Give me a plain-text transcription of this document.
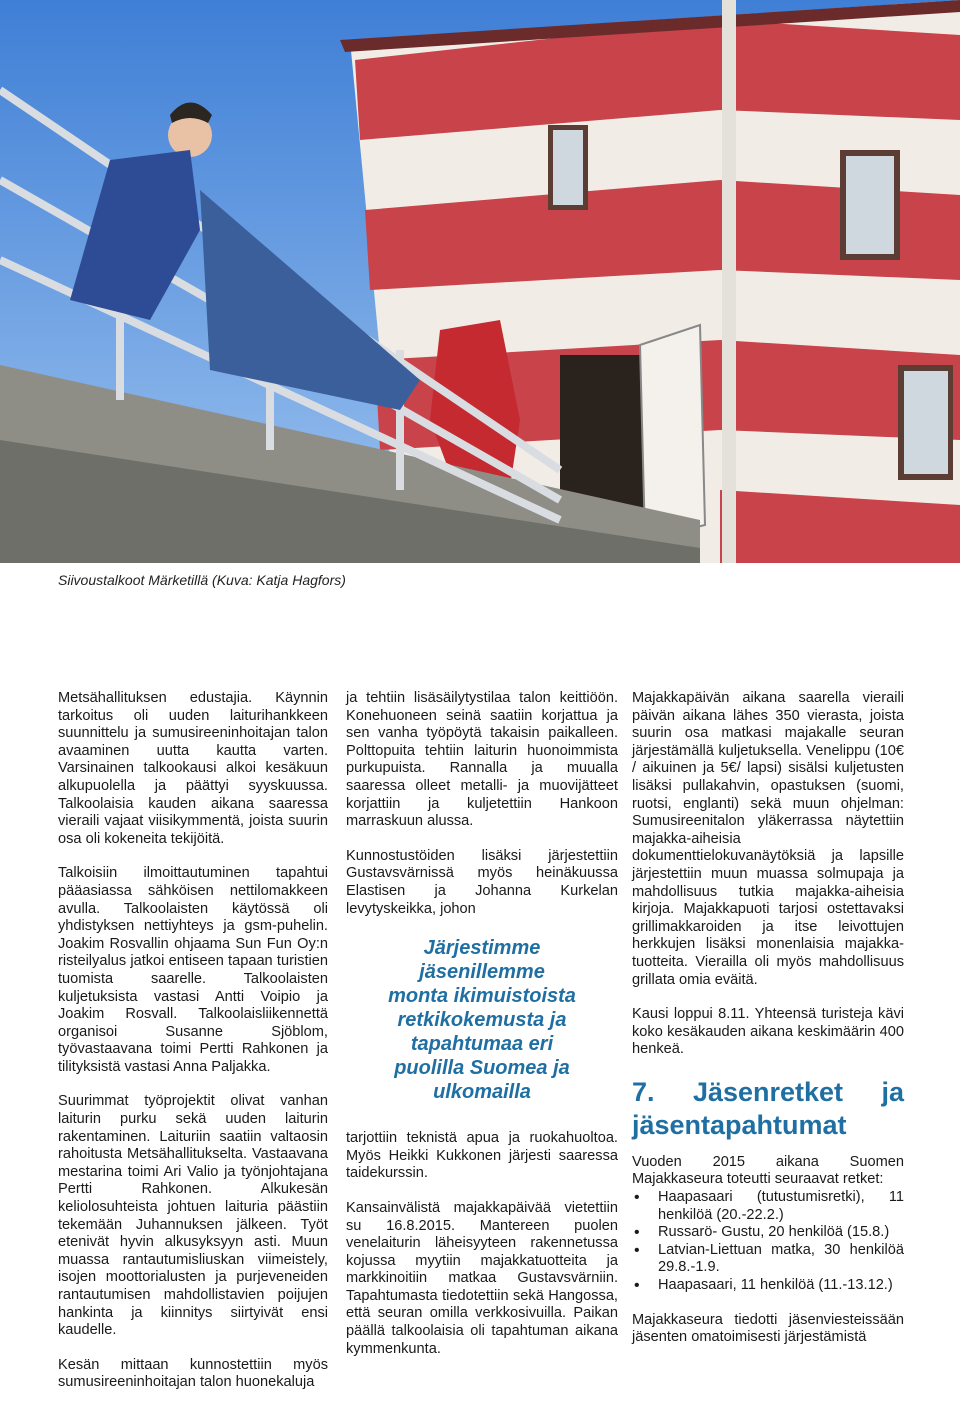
Siivoustalkoot Märketillä (Kuva: Katja Hagfors)

Metsähallituksen edustajia. Käynnin tarkoitus oli uuden laiturihankkeen suunnittelu ja sumusireeninhoitajan talon avaaminen uutta kautta varten. Varsinainen talkookausi alkoi kesäkuun alkupuolella ja päättyi syyskuussa. Talkoolaisia kauden aikana saaressa vieraili vajaat viisikymmentä, joista suurin osa oli kokeneita tekijöitä.

Talkoisiin ilmoittautuminen tapahtui pääasiassa sähköisen nettilomakkeen avulla. Talkoolaisten käytössä oli yhdistyksen nettiyhteys ja gsm-puhelin. Joakim Rosvallin ohjaama Sun Fun Oy:n risteilyalus jatkoi entiseen tapaan turistien tuomista saarelle. Talkoolaisten kuljetuksista vastasi Antti Voipio ja Joakim Rosvall. Talkoolaisliikennettä organisoi Susanne Sjöblom, työvastaavana toimi Pertti Rahkonen ja tilityksistä vastasi Anna Paljakka.

Suurimmat työprojektit olivat vanhan laiturin purku sekä uuden laiturin rakentaminen. Laituriin saatiin valtaosin rahoitusta Metsähallitukselta. Vastaavana mestarina toimi Ari Valio ja työnjohtajana Pertti Rahkonen. Alkukesän keliolosuhteista johtuen laituria päästiin tekemään Juhannuksen jälkeen. Työt etenivät hyvin alkusyksyyn asti. Muun muassa rantautumisliuskan viimeistely, isojen moottorialusten ja purjeveneiden rantautumisen mahdollistavien poijujen hankinta ja kiinnitys siirtyivät ensi kaudelle.

Kesän mittaan kunnostettiin myös sumusireeninhoitajan talon huonekaluja

ja tehtiin lisäsäilytystilaa talon keittiöön. Konehuoneen seinä saatiin korjattua ja sen vanha työpöytä takaisin paikalleen. Polttopuita tehtiin laiturin huonoimmista purkupuista. Rannalla ja muualla saaressa olleet metalli- ja muovijätteet korjattiin ja kuljetettiin Hankoon marraskuun alussa.

Kunnostustöiden lisäksi järjestettiin Gustavsvärnissä myös heinäkuussa Elastisen ja Johanna Kurkelan levytyskeikka, johon

Järjestimme
jäsenillemme
monta ikimuistoista
retkikokemusta ja
tapahtumaa eri
puolilla Suomea ja
ulkomailla

tarjottiin teknistä apua ja ruokahuoltoa. Myös Heikki Kukkonen järjesti saaressa taidekurssin.

Kansainvälistä majakkapäivää vietettiin su 16.8.2015. Mantereen puolen venelaiturin läheisyyteen rakennetussa kojussa myytiin majakkatuotteita ja markkinoitiin matkaa Gustavsvärniin. Tapahtumasta tiedotettiin sekä Hangossa, että seuran omilla verkkosivuilla. Paikan päällä talkoolaisia oli tapahtuman aikana kymmenkunta.

Majakkapäivän aikana saarella vieraili päivän aikana lähes 350 vierasta, joista suurin osa matkasi majakalle seuran järjestämällä kuljetuksella. Venelippu (10€ / aikuinen ja 5€/ lapsi) sisälsi kuljetusten lisäksi pullakahvin, opastuksen (suomi, ruotsi, englanti) sekä muun ohjelman: Sumusireenitalon yläkerrassa näytettiin majakka-aiheisia dokumenttielokuvanäytöksiä ja lapsille järjestettiin muun muassa solmupaja ja mahdollisuus tutkia majakka-aiheisia kirjoja. Majakkapuoti tarjosi ostettavaksi grillimakkaroiden ja itse leivottujen herkkujen lisäksi monenlaisia majakka-tuotteita. Vierailla oli myös mahdollisuus grillata omia eväitä.

Kausi loppui 8.11. Yhteensä turisteja kävi koko kesäkauden aikana keskimäärin 400 henkeä.

7. Jäsenretket ja jäsentapahtumat

Vuoden 2015 aikana Suomen Majakkaseura toteutti seuraavat retket:

• Haapasaari (tutustumisretki), 11 henkilöä (20.-22.2.)
• Russarö- Gustu, 20 henkilöä (15.8.)
• Latvian-Liettuan matka, 30 henkilöä 29.8.-1.9.
• Haapasaari, 11 henkilöä (11.-13.12.)

Majakkaseura tiedotti jäsenviesteissään jäsenten omatoimisesti järjestämistä
